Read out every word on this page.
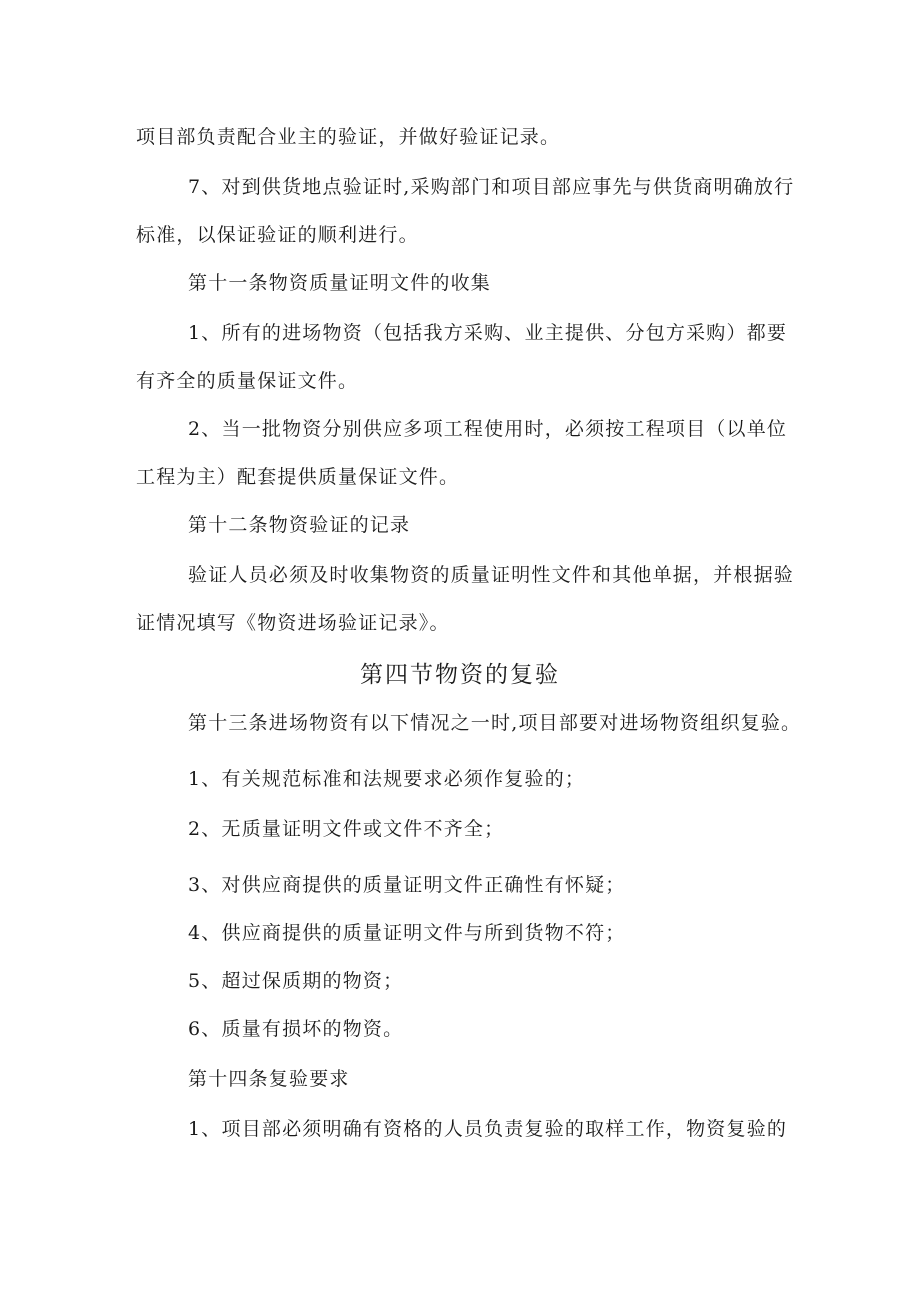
项目部负责配合业主的验证，并做好验证记录。
7、对到供货地点验证时,采购部门和项目部应事先与供货商明确放行
标准，以保证验证的顺利进行。
第十一条物资质量证明文件的收集
1、所有的进场物资（包括我方采购、业主提供、分包方采购）都要
有齐全的质量保证文件。
2、当一批物资分别供应多项工程使用时，必须按工程项目（以单位
工程为主）配套提供质量保证文件。
第十二条物资验证的记录
验证人员必须及时收集物资的质量证明性文件和其他单据，并根据验
证情况填写《物资进场验证记录》。
第四节物资的复验
第十三条进场物资有以下情况之一时,项目部要对进场物资组织复验。
1、有关规范标准和法规要求必须作复验的；
2、无质量证明文件或文件不齐全；
3、对供应商提供的质量证明文件正确性有怀疑；
4、供应商提供的质量证明文件与所到货物不符；
5、超过保质期的物资；
6、质量有损坏的物资。
第十四条复验要求
1、项目部必须明确有资格的人员负责复验的取样工作，物资复验的
